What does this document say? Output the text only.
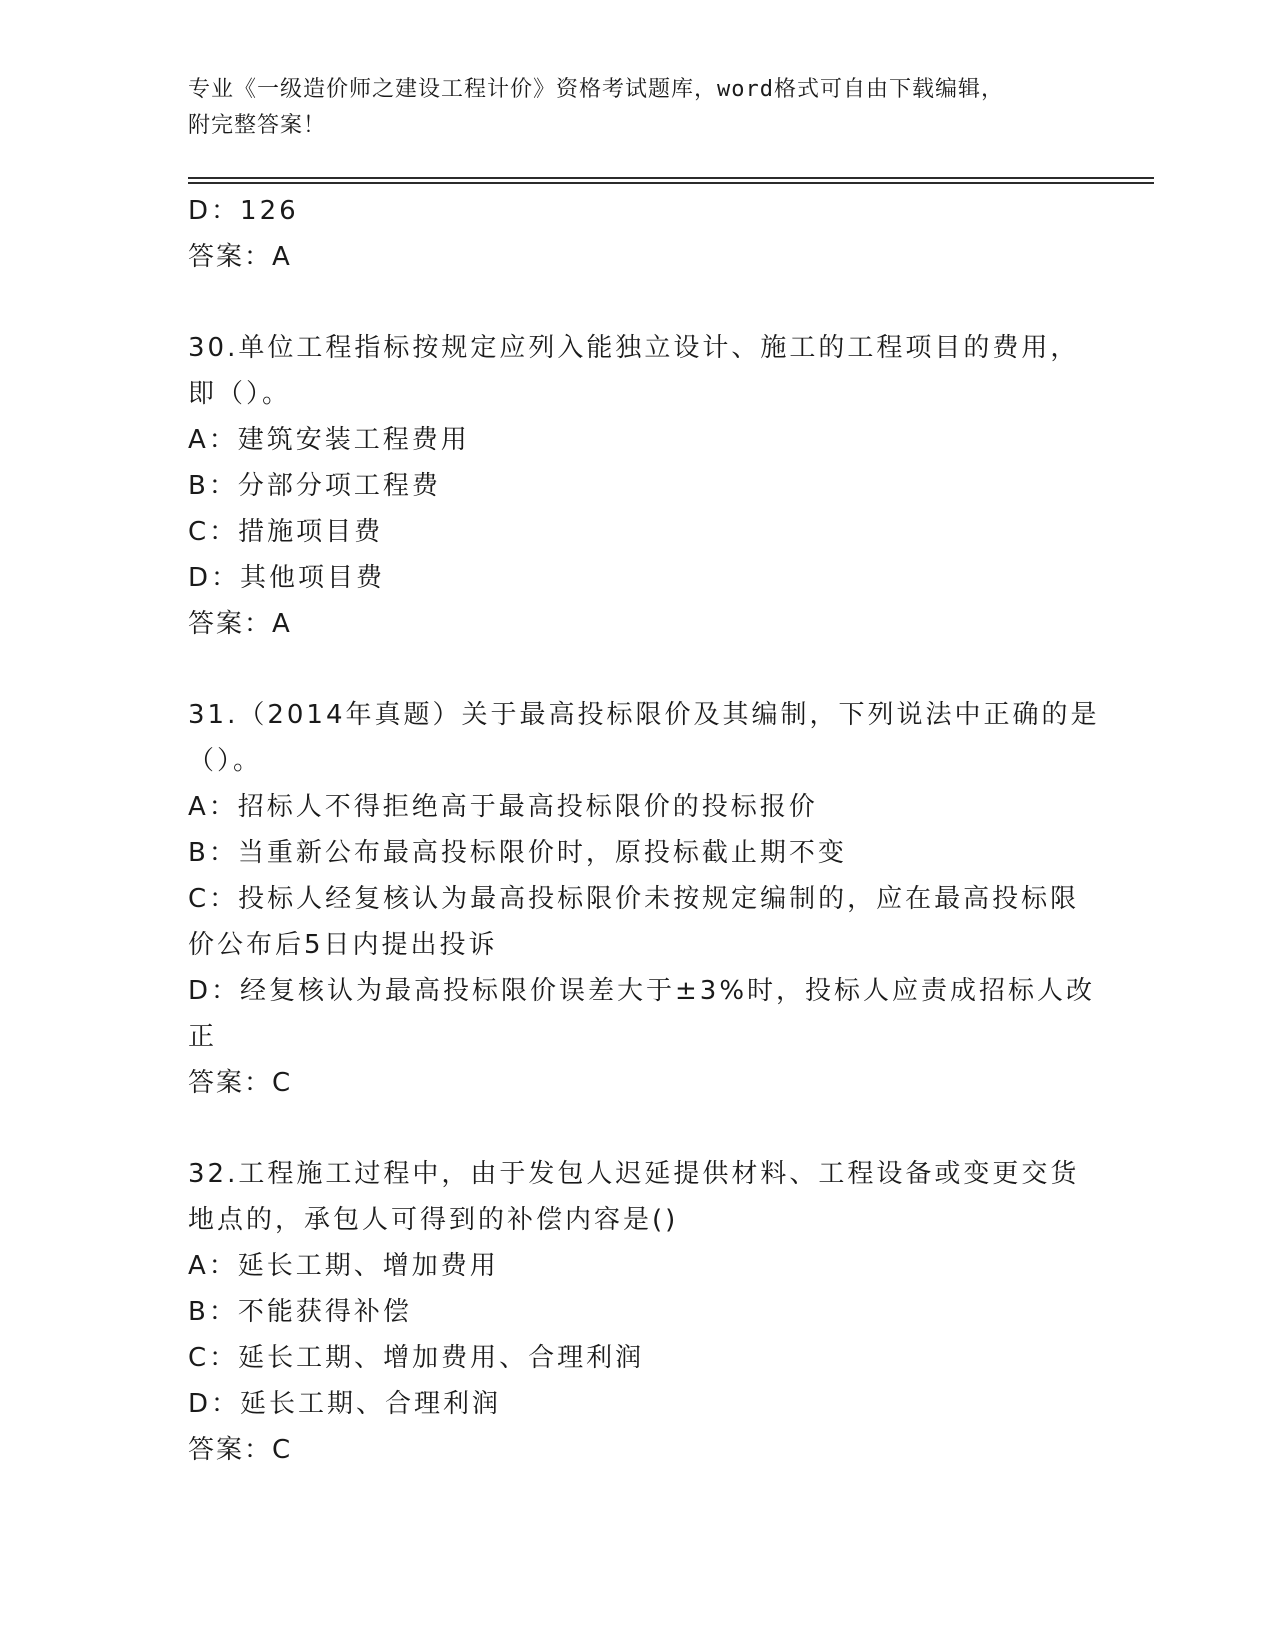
专业《一级造价师之建设工程计价》资格考试题库，word格式可自由下载编辑，
附完整答案！
D：126
答案：A
30.单位工程指标按规定应列入能独立设计、施工的工程项目的费用，
即（）。
A：建筑安装工程费用
B：分部分项工程费
C：措施项目费
D：其他项目费
答案：A
31.（2014年真题）关于最高投标限价及其编制，下列说法中正确的是
（）。
A：招标人不得拒绝高于最高投标限价的投标报价
B：当重新公布最高投标限价时，原投标截止期不变
C：投标人经复核认为最高投标限价未按规定编制的，应在最高投标限
价公布后5日内提出投诉
D：经复核认为最高投标限价误差大于±3%时，投标人应责成招标人改
正
答案：C
32.工程施工过程中，由于发包人迟延提供材料、工程设备或变更交货
地点的，承包人可得到的补偿内容是()
A：延长工期、增加费用
B：不能获得补偿
C：延长工期、增加费用、合理利润
D：延长工期、合理利润
答案：C
